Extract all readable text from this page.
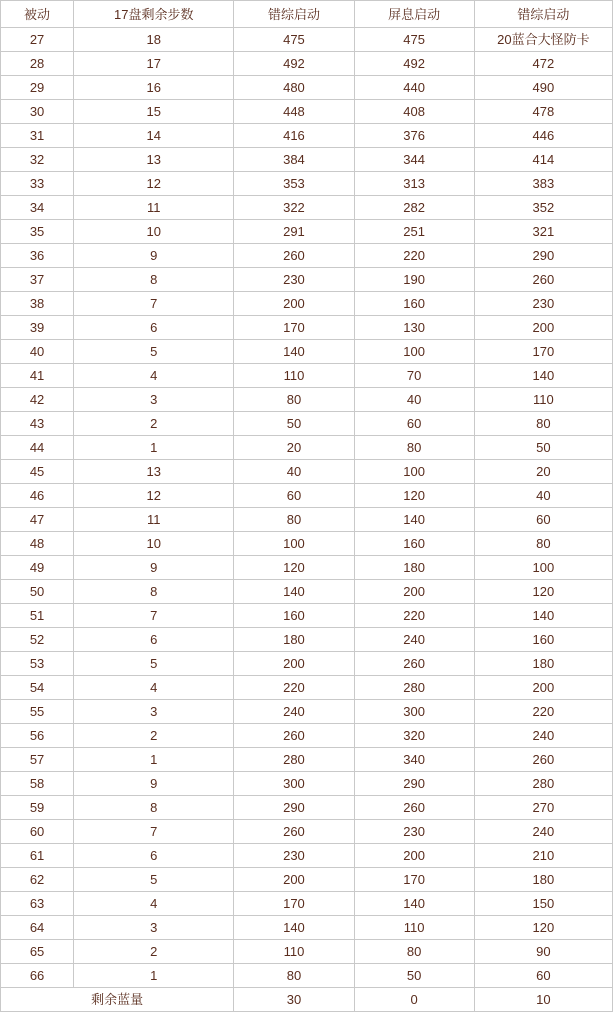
被动	17盘剩余步数	错综启动	屏息启动	错综启动
27	18	475	475	20蓝合大怪防卡
28	17	492	492	472
29	16	480	440	490
30	15	448	408	478
31	14	416	376	446
32	13	384	344	414
33	12	353	313	383
34	11	322	282	352
35	10	291	251	321
36	9	260	220	290
37	8	230	190	260
38	7	200	160	230
39	6	170	130	200
40	5	140	100	170
41	4	110	70	140
42	3	80	40	110
43	2	50	60	80
44	1	20	80	50
45	13	40	100	20
46	12	60	120	40
47	11	80	140	60
48	10	100	160	80
49	9	120	180	100
50	8	140	200	120
51	7	160	220	140
52	6	180	240	160
53	5	200	260	180
54	4	220	280	200
55	3	240	300	220
56	2	260	320	240
57	1	280	340	260
58	9	300	290	280
59	8	290	260	270
60	7	260	230	240
61	6	230	200	210
62	5	200	170	180
63	4	170	140	150
64	3	140	110	120
65	2	110	80	90
66	1	80	50	60
剩余蓝量		30	0	10
